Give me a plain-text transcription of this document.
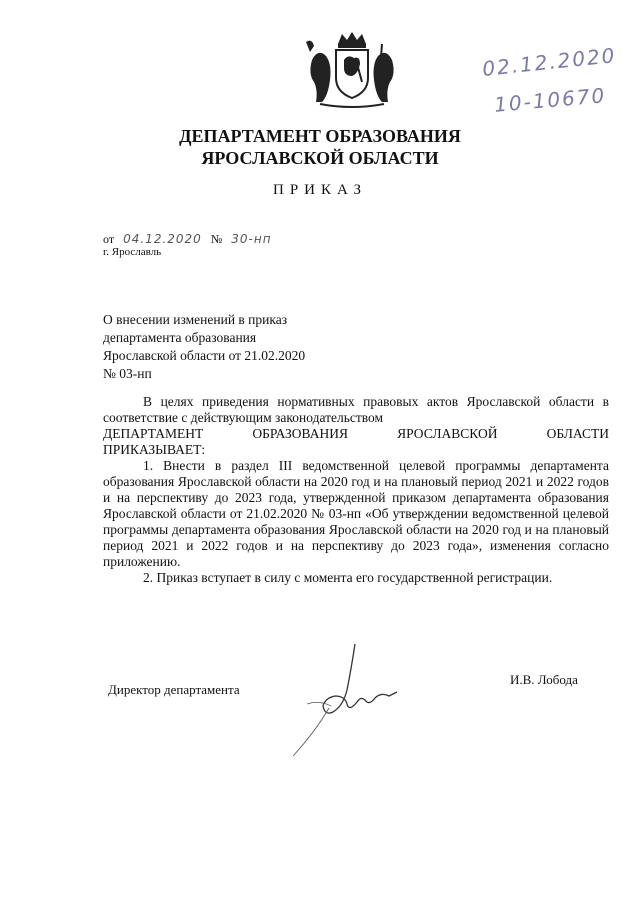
02.12.2020
10-10670
ДЕПАРТАМЕНТ ОБРАЗОВАНИЯ
ЯРОСЛАВСКОЙ ОБЛАСТИ
ПРИКАЗ
от 04.12.2020 № 30-нп
г. Ярославль
О внесении изменений в приказ
департамента образования
Ярославской области от 21.02.2020
№ 03-нп

В целях приведения нормативных правовых актов Ярославской области в соответствие с действующим законодательством

ДЕПАРТАМЕНТ ОБРАЗОВАНИЯ ЯРОСЛАВСКОЙ ОБЛАСТИ

ПРИКАЗЫВАЕТ:

1. Внести в раздел III ведомственной целевой программы департамента образования Ярославской области на 2020 год и на плановый период 2021 и 2022 годов и на перспективу до 2023 года, утвержденной приказом департамента образования Ярославской области от 21.02.2020 № 03-нп «Об утверждении ведомственной целевой программы департамента образования Ярославской области на 2020 год и на плановый период 2021 и 2022 годов и на перспективу до 2023 года», изменения согласно приложению.

2. Приказ вступает в силу с момента его государственной регистрации.

Директор департамента
И.В. Лобода
